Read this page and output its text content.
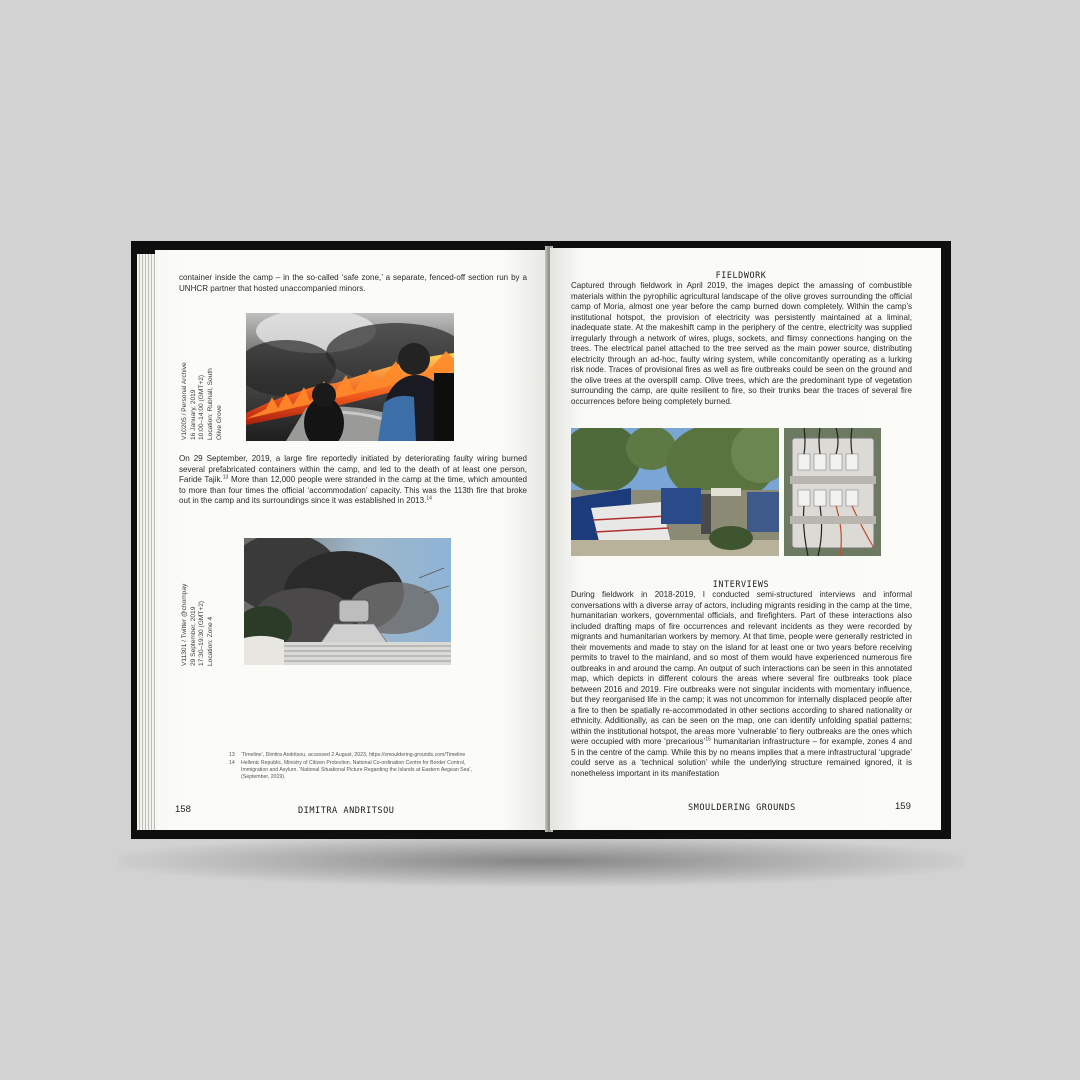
container inside the camp – in the so-called ‘safe zone,’ a separate, fenced-off section run by a UNHCR partner that hosted unaccompanied minors.

V10205 / Personal Archive 16 January, 2019 10:00–14:00 (GMT+2) Location: Rubhall, South Olive Grove

On 29 September, 2019, a large fire reportedly initiated by deteriorating faulty wiring burned several prefabricated containers within the camp, and led to the death of at least one person, Faride Tajik.$^{13}$ More than 12,000 people were stranded in the camp at the time, which amounted to more than four times the official ‘accommodation’ capacity. This was the 113th fire that broke out in the camp and its surroundings since it was established in 2013.14

V11301 / Twitter @chompay 29 September, 2019 17:30–19:30 (GMT+2) Location: Zone 4
13	‘Timeline’, Dimitra Andritsou, accessed 2 August, 2023, https://smouldering-grounds.com/Timeline
14	Hellenic Republic, Ministry of Citizen Protection, National Co-ordination Centre for Border Control, Immigration and Asylum. ‘National Situational Picture Regarding the Islands at Eastern Aegean Sea’, (September, 2019).
158	DIMITRA ANDRITSOU
FIELDWORK

Captured through fieldwork in April 2019, the images depict the amassing of combustible materials within the pyrophilic agricultural landscape of the olive groves surrounding the official camp of Moria, almost one year before the camp burned down completely. Within the camp’s institutional hotspot, the provision of electricity was persistently maintained at a liminal, inadequate state. At the makeshift camp in the periphery of the centre, electricity was supplied irregularly through a network of wires, plugs, sockets, and flimsy connections hanging on the trees. The electrical panel attached to the tree served as the main power source, distributing electricity through an ad-hoc, faulty wiring system, while concomitantly operating as a lurking risk node. Traces of provisional fires as well as fire outbreaks could be seen on the ground and the olive trees at the overspill camp. Olive trees, which are the predominant type of vegetation surrounding the camp, are quite resilient to fire, so their trunks bear the traces of several fire occurrences before being completely burned.

INTERVIEWS

During fieldwork in 2018-2019, I conducted semi-structured interviews and informal conversations with a diverse array of actors, including migrants residing in the camp at the time, humanitarian workers, governmental officials, and firefighters. Part of these interactions also included drafting maps of fire occurrences and relevant incidents as they were recorded by migrants and humanitarian workers by memory. At that time, people were generally restricted in their movements and made to stay on the island for at least one or two years before receiving permits to travel to the mainland, and so most of them would have experienced numerous fire outbreaks in and around the camp. An output of such interactions can be seen in this annotated map, which depicts in different colours the areas where several fire outbreaks took place between 2016 and 2019. Fire outbreaks were not singular incidents with momentary influence, but they reorganised life in the camp; it was not uncommon for internally displaced people after a fire to then be spatially re-accommodated in other sections according to shared nationality or ethnicity. Additionally, as can be seen on the map, one can identify unfolding spatial patterns; within the institutional hotspot, the areas more ‘vulnerable’ to fiery outbreaks are the ones which were occupied with more ‘precarious’$^{15}$ humanitarian infrastructure – for example, zones 4 and 5 in the centre of the camp. While this by no means implies that a mere infrastructural ‘upgrade’ could serve as a ‘technical solution’ while the underlying structure remained ignored, it is nonetheless important in its manifestation

SMOULDERING GROUNDS	159
